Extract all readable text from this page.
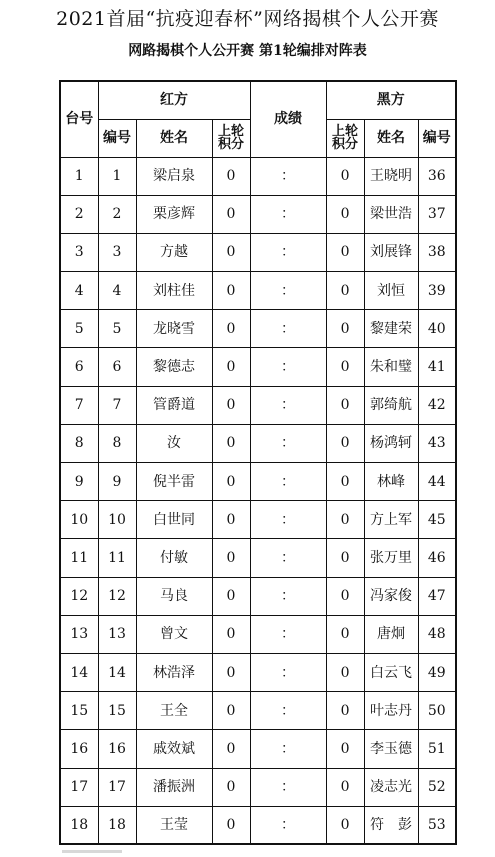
2021首届“抗疫迎春杯”网络揭棋个人公开赛
网路揭棋个人公开赛 第1轮编排对阵表
台号	红方			成绩	黑方		
	编号	姓名	上轮积分		上轮积分	姓名	编号
1	1	梁启泉	0	：	0	王晓明	36
2	2	栗彦辉	0	：	0	梁世浩	37
3	3	方越	0	：	0	刘展锋	38
4	4	刘柱佳	0	：	0	刘恒	39
5	5	龙晓雪	0	：	0	黎建荣	40
6	6	黎德志	0	：	0	朱和璧	41
7	7	管爵道	0	：	0	郭绮航	42
8	8	汝	0	：	0	杨鸿轲	43
9	9	倪半雷	0	：	0	林峰	44
10	10	白世同	0	：	0	方上军	45
11	11	付敏	0	：	0	张万里	46
12	12	马良	0	：	0	冯家俊	47
13	13	曾文	0	：	0	唐炯	48
14	14	林浩泽	0	：	0	白云飞	49
15	15	王全	0	：	0	叶志丹	50
16	16	戚效斌	0	：	0	李玉德	51
17	17	潘振洲	0	：	0	凌志光	52
18	18	王莹	0	：	0	符　彭	53
